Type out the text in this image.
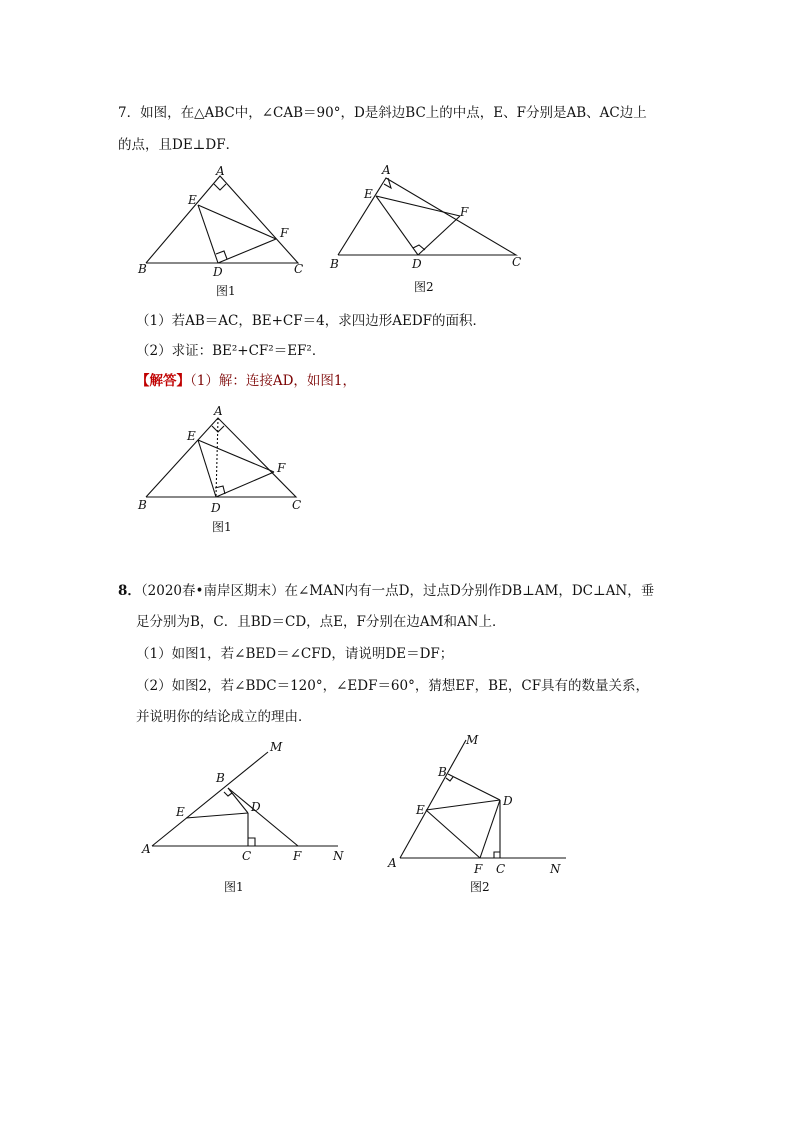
7．如图，在△ABC中，∠CAB＝90°，D是斜边BC上的中点，E、F分别是AB、AC边上
的点，且DE⊥DF．
A
E
F
B	D	C
图1
A
E
F
B	D	C
图2
（1）若AB＝AC，BE+CF＝4，求四边形AEDF的面积．
（2）求证：BE²+CF²＝EF²．
【解答】（1）解：连接AD，如图1，
A
E
F
B	D	C
图1
8．（2020春•南岸区期末）在∠MAN内有一点D，过点D分别作DB⊥AM，DC⊥AN，垂
足分别为B，C．且BD＝CD，点E，F分别在边AM和AN上．
（1）如图1，若∠BED＝∠CFD，请说明DE＝DF；
（2）如图2，若∠BDC＝120°，∠EDF＝60°，猜想EF，BE，CF具有的数量关系，
并说明你的结论成立的理由．
M
B
D
E
A	C	F	N
图1
M
B
D
E
A	F C	N
图2
